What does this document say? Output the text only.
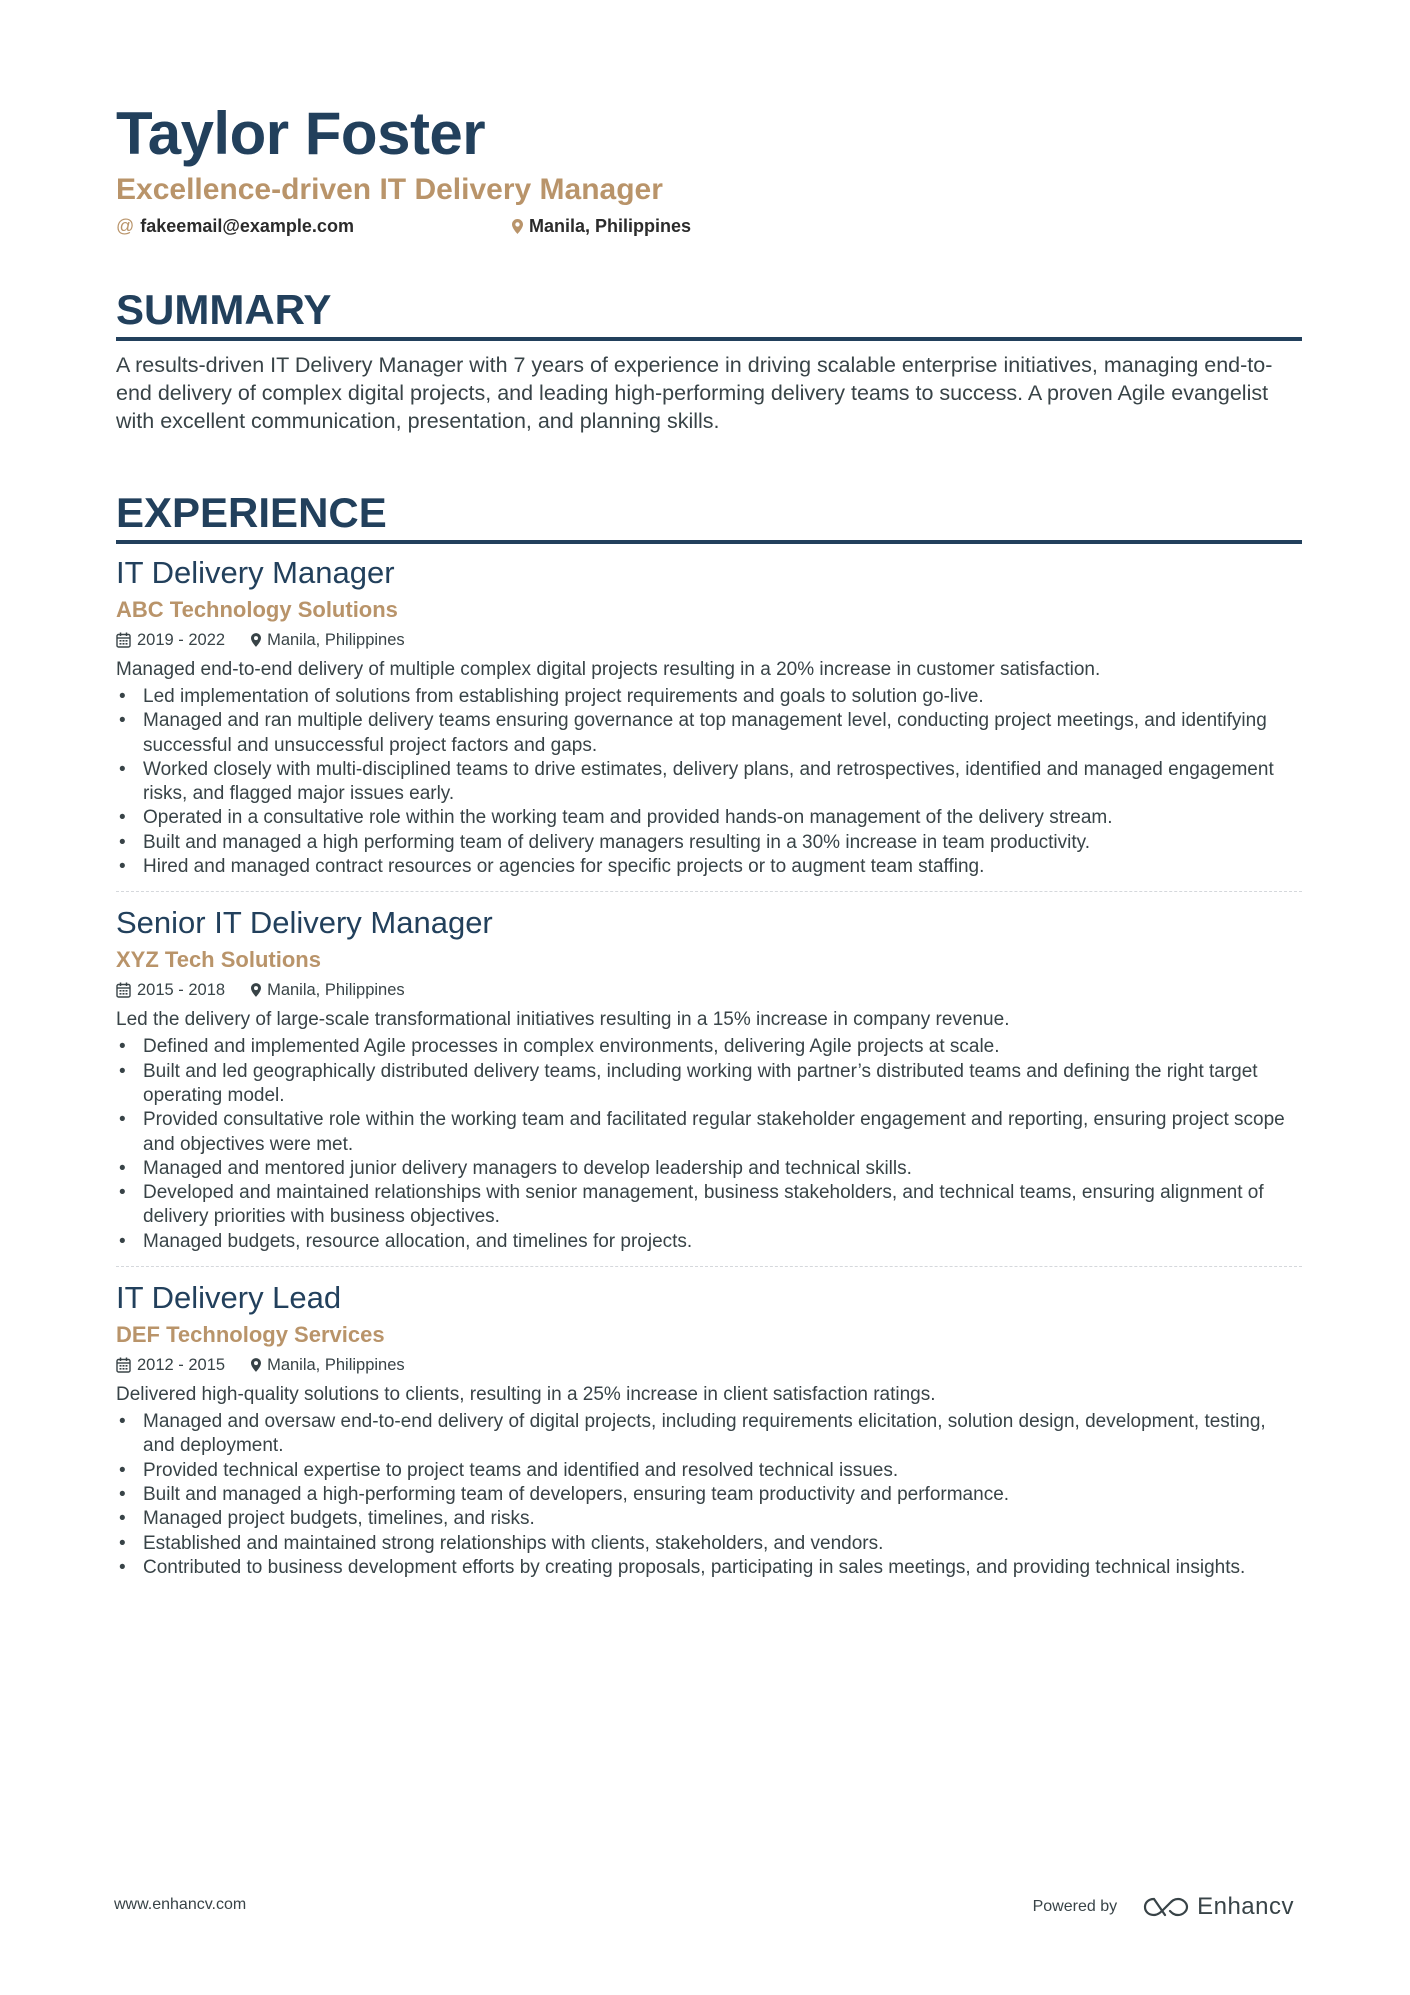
Taylor Foster
Excellence-driven IT Delivery Manager
@ fakeemail@example.com	Manila, Philippines
SUMMARY
A results-driven IT Delivery Manager with 7 years of experience in driving scalable enterprise initiatives, managing end-to-end delivery of complex digital projects, and leading high-performing delivery teams to success. A proven Agile evangelist with excellent communication, presentation, and planning skills.
EXPERIENCE
IT Delivery Manager
ABC Technology Solutions
2019 - 2022	Manila, Philippines
Managed end-to-end delivery of multiple complex digital projects resulting in a 20% increase in customer satisfaction.
• Led implementation of solutions from establishing project requirements and goals to solution go-live.
• Managed and ran multiple delivery teams ensuring governance at top management level, conducting project meetings, and identifying successful and unsuccessful project factors and gaps.
• Worked closely with multi-disciplined teams to drive estimates, delivery plans, and retrospectives, identified and managed engagement risks, and flagged major issues early.
• Operated in a consultative role within the working team and provided hands-on management of the delivery stream.
• Built and managed a high performing team of delivery managers resulting in a 30% increase in team productivity.
• Hired and managed contract resources or agencies for specific projects or to augment team staffing.
Senior IT Delivery Manager
XYZ Tech Solutions
2015 - 2018	Manila, Philippines
Led the delivery of large-scale transformational initiatives resulting in a 15% increase in company revenue.
• Defined and implemented Agile processes in complex environments, delivering Agile projects at scale.
• Built and led geographically distributed delivery teams, including working with partner’s distributed teams and defining the right target operating model.
• Provided consultative role within the working team and facilitated regular stakeholder engagement and reporting, ensuring project scope and objectives were met.
• Managed and mentored junior delivery managers to develop leadership and technical skills.
• Developed and maintained relationships with senior management, business stakeholders, and technical teams, ensuring alignment of delivery priorities with business objectives.
• Managed budgets, resource allocation, and timelines for projects.
IT Delivery Lead
DEF Technology Services
2012 - 2015	Manila, Philippines
Delivered high-quality solutions to clients, resulting in a 25% increase in client satisfaction ratings.
• Managed and oversaw end-to-end delivery of digital projects, including requirements elicitation, solution design, development, testing, and deployment.
• Provided technical expertise to project teams and identified and resolved technical issues.
• Built and managed a high-performing team of developers, ensuring team productivity and performance.
• Managed project budgets, timelines, and risks.
• Established and maintained strong relationships with clients, stakeholders, and vendors.
• Contributed to business development efforts by creating proposals, participating in sales meetings, and providing technical insights.
www.enhancv.com	Powered by	Enhancv
